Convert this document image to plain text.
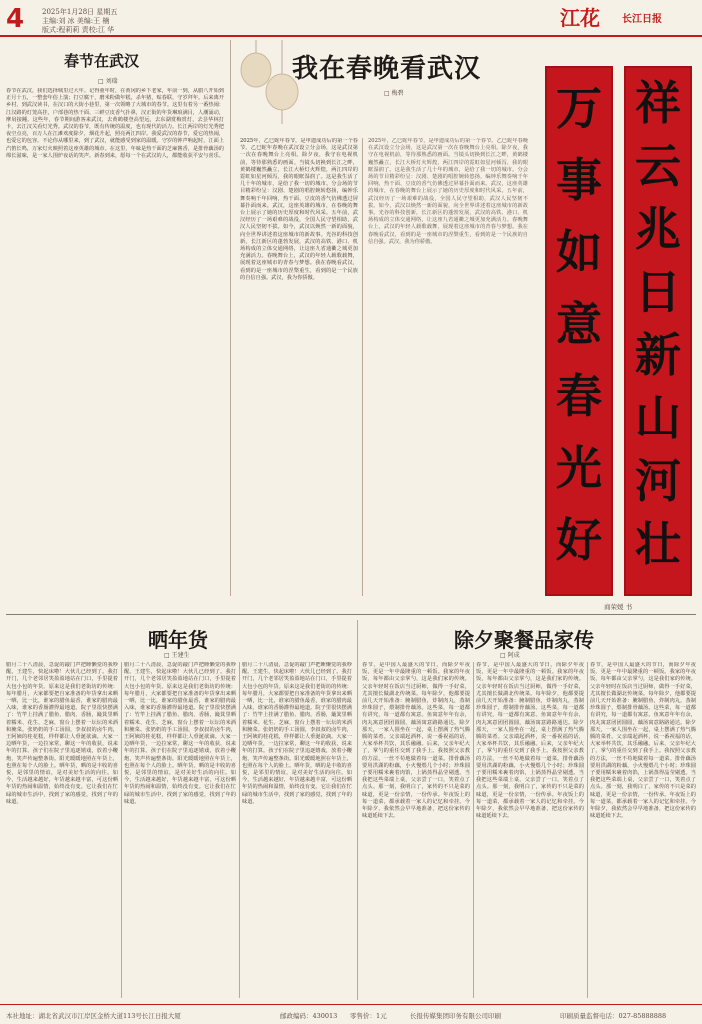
4	2025年1月28日 星期五
主编:刘 冰 美编:王 楠
版式:程莉莉 责校:江 华	江花 长江日报
春节在武汉
□ 刘瑞
春节在武汉，我们选择城里过大年。记得童年时，在黄冈的乡下老家，年前一到，从腊八开始到正月十五，一整套年俗上演；打豆腐干，磨米粉做年糕，杀年猪，贴春联，守岁拜年。后来离开乡村，到武汉读书，在汉口的大街小巷里，第一次领略了大城市的春节。这里有着另一番热闹：江汉路的灯笼高挂，户部巷的热干面、三鲜豆皮香气扑鼻，汉正街的年货琳琅满目，人潮涌动，摩肩接踵。这些年，春节期间游客来武汉，去黄鹤楼登高望远，去东湖赏梅赏灯，去昙华林打卡，去江汉关看灯光秀。武汉的春节，既有传统的温度，也有现代的活力。长江两岸的灯光秀把夜空点亮，百万人在江滩欢度除夕，烟花升起，照亮两江四岸。我爱武汉的春节，爱它的热闹，也爱它的包容。不论你从哪里来，到了武汉，就能感受到家的温暖。守岁的钟声响起时，江面上汽笛长鸣，万家灯火映照着这座英雄的城市。在这里，年味是热干面的芝麻酱香，是排骨藕汤的绵长滋味，是一家人围炉夜话的笑声。新春到来，愿每一个在武汉的人，都能收获平安与喜乐。
我在春晚看武汉
□ 梅碧
2025年，乙巳蛇年春节，是申遗成功后的第一个春节。乙巳蛇年春晚在武汉设立分会场，这是武汉第一次在春晚舞台上亮相。除夕夜，我守在电视机前，等待那熟悉的画面。当镜头切换到长江之畔，黄鹤楼巍然矗立，长江大桥灯火辉煌，两江四岸的霓虹如星河倾泻，我的眼眶湿润了。这是我生活了几十年的城市，是给了我一切的城市。分会场的节目精彩纷呈：汉剧、楚剧的唱腔婉转悠扬，编钟乐舞奏响千年回响，热干面、豆皮的香气仿佛透过屏幕扑面而来。武汉，这座英雄的城市，在春晚的舞台上展示了她的历史厚度和时代风采。五年前，武汉经历了一场艰难的战役，全国人民守望相助，武汉人民坚韧不拔。如今，武汉以焕然一新的面貌，向全世界讲述着这座城市的新故事。光谷的科技创新，长江新区的蓬勃发展，武汉的高铁、港口、机场构成的立体交通网络，让这座九省通衢之城更加充满活力。春晚舞台上，武汉的年轻人载歌载舞，展现着这座城市的青春与梦想。我在春晚看武汉，看到的是一座城市的涅槃重生，看到的是一个民族的自信自强。武汉，我为你骄傲。
2025年，乙巳蛇年春节，是申遗成功后的第一个春节。乙巳蛇年春晚在武汉设立分会场，这是武汉第一次在春晚舞台上亮相。除夕夜，我守在电视机前，等待那熟悉的画面。当镜头切换到长江之畔，黄鹤楼巍然矗立，长江大桥灯火辉煌，两江四岸的霓虹如星河倾泻，我的眼眶湿润了。这是我生活了几十年的城市，是给了我一切的城市。分会场的节目精彩纷呈：汉剧、楚剧的唱腔婉转悠扬，编钟乐舞奏响千年回响，热干面、豆皮的香气仿佛透过屏幕扑面而来。武汉，这座英雄的城市，在春晚的舞台上展示了她的历史厚度和时代风采。五年前，武汉经历了一场艰难的战役，全国人民守望相助，武汉人民坚韧不拔。如今，武汉以焕然一新的面貌，向全世界讲述着这座城市的新故事。光谷的科技创新，长江新区的蓬勃发展，武汉的高铁、港口、机场构成的立体交通网络，让这座九省通衢之城更加充满活力。春晚舞台上，武汉的年轻人载歌载舞，展现着这座城市的青春与梦想。我在春晚看武汉，看到的是一座城市的涅槃重生，看到的是一个民族的自信自强。武汉，我为你骄傲。
万
事
如
意
春
光
好
祥
云
兆
日
新
山
河
壮
商荣媛 书
晒年货
□ 王建生
腊月二十八清晨，急促的敲门声把睡懒觉的我吵醒。王建生，快起床啦！大伙儿已经到了。我打开门，几个老邻居笑盈盈地站在门口，手里提着大包小包的年货。原来这是我们老街坊的传统：每年腊月，大家都要把自家准备的年货拿出来晒一晒，比一比，谁家的腊鱼最香，谁家的腊肉最入味，谁家的香肠灌得最地道。院子里很快摆满了：竹竿上挂满了腊鱼、腊肉、香肠，簸箕里晒着糯米、花生、芝麻，窗台上摆着一坛坛的米酒和腌菜。张奶奶的手工汤圆，李叔叔的卤牛肉，王阿姨的桂花糕，样样都让人垂涎欲滴。大家一边晒年货，一边拉家常，聊这一年的收获，说来年的打算。孩子们在院子里追逐嬉戏，放着小鞭炮，笑声传遍整条街。阳光暖暖地照在年货上，也照在每个人的脸上。晒年货，晒的是丰收的喜悦，是邻里的情谊，是对美好生活的向往。如今，生活越来越好，年货越来越丰富，可这份晒年货的热闹和温情，始终没有变。它让我们在忙碌的城市生活中，找到了家的感觉，找到了年的味道。
腊月二十八清晨，急促的敲门声把睡懒觉的我吵醒。王建生，快起床啦！大伙儿已经到了。我打开门，几个老邻居笑盈盈地站在门口，手里提着大包小包的年货。原来这是我们老街坊的传统：每年腊月，大家都要把自家准备的年货拿出来晒一晒，比一比，谁家的腊鱼最香，谁家的腊肉最入味，谁家的香肠灌得最地道。院子里很快摆满了：竹竿上挂满了腊鱼、腊肉、香肠，簸箕里晒着糯米、花生、芝麻，窗台上摆着一坛坛的米酒和腌菜。张奶奶的手工汤圆，李叔叔的卤牛肉，王阿姨的桂花糕，样样都让人垂涎欲滴。大家一边晒年货，一边拉家常，聊这一年的收获，说来年的打算。孩子们在院子里追逐嬉戏，放着小鞭炮，笑声传遍整条街。阳光暖暖地照在年货上，也照在每个人的脸上。晒年货，晒的是丰收的喜悦，是邻里的情谊，是对美好生活的向往。如今，生活越来越好，年货越来越丰富，可这份晒年货的热闹和温情，始终没有变。它让我们在忙碌的城市生活中，找到了家的感觉，找到了年的味道。
腊月二十八清晨，急促的敲门声把睡懒觉的我吵醒。王建生，快起床啦！大伙儿已经到了。我打开门，几个老邻居笑盈盈地站在门口，手里提着大包小包的年货。原来这是我们老街坊的传统：每年腊月，大家都要把自家准备的年货拿出来晒一晒，比一比，谁家的腊鱼最香，谁家的腊肉最入味，谁家的香肠灌得最地道。院子里很快摆满了：竹竿上挂满了腊鱼、腊肉、香肠，簸箕里晒着糯米、花生、芝麻，窗台上摆着一坛坛的米酒和腌菜。张奶奶的手工汤圆，李叔叔的卤牛肉，王阿姨的桂花糕，样样都让人垂涎欲滴。大家一边晒年货，一边拉家常，聊这一年的收获，说来年的打算。孩子们在院子里追逐嬉戏，放着小鞭炮，笑声传遍整条街。阳光暖暖地照在年货上，也照在每个人的脸上。晒年货，晒的是丰收的喜悦，是邻里的情谊，是对美好生活的向往。如今，生活越来越好，年货越来越丰富，可这份晒年货的热闹和温情，始终没有变。它让我们在忙碌的城市生活中，找到了家的感觉，找到了年的味道。
除夕聚餐品家传
□ 阿成
春节，是中国人最盛大的节日，而除夕年夜饭，更是一年中最隆重的一顿饭。我家的年夜饭，每年都由父亲掌勺，这是我们家的传统。父亲年轻时在饭店当过厨师，做得一手好菜，尤其擅长做湖北传统菜。每年除夕，他都要提前几天开始准备：腌制腊鱼，炸制肉丸，蒸制珍珠圆子，煨制排骨藕汤。这些菜，每一道都有讲究，每一道都有寓意。鱼寓意年年有余，肉丸寓意团团圆圆，藕汤寓意路路通达。除夕那天，一家人围坐在一起，桌上摆满了热气腾腾的菜肴。父亲端起酒杯，说一番祝福的话，大家举杯共饮，其乐融融。后来，父亲年纪大了，掌勺的重任交到了我手上。我按照父亲教的方法，一丝不苟地做着每一道菜。排骨藕汤要用洪湖的粉藕，小火慢煨几个小时；珍珠圆子要用糯米裹着肉馅，上锅蒸得晶莹剔透。当我把这些菜端上桌，父亲尝了一口，笑着点了点头。那一刻，我明白了，家传的不只是菜的味道，更是一份亲情，一份传承。年夜饭上的每一道菜，都承载着一家人的记忆和牵挂。今年除夕，我依然会早早地准备，把这份家传的味道延续下去。
春节，是中国人最盛大的节日，而除夕年夜饭，更是一年中最隆重的一顿饭。我家的年夜饭，每年都由父亲掌勺，这是我们家的传统。父亲年轻时在饭店当过厨师，做得一手好菜，尤其擅长做湖北传统菜。每年除夕，他都要提前几天开始准备：腌制腊鱼，炸制肉丸，蒸制珍珠圆子，煨制排骨藕汤。这些菜，每一道都有讲究，每一道都有寓意。鱼寓意年年有余，肉丸寓意团团圆圆，藕汤寓意路路通达。除夕那天，一家人围坐在一起，桌上摆满了热气腾腾的菜肴。父亲端起酒杯，说一番祝福的话，大家举杯共饮，其乐融融。后来，父亲年纪大了，掌勺的重任交到了我手上。我按照父亲教的方法，一丝不苟地做着每一道菜。排骨藕汤要用洪湖的粉藕，小火慢煨几个小时；珍珠圆子要用糯米裹着肉馅，上锅蒸得晶莹剔透。当我把这些菜端上桌，父亲尝了一口，笑着点了点头。那一刻，我明白了，家传的不只是菜的味道，更是一份亲情，一份传承。年夜饭上的每一道菜，都承载着一家人的记忆和牵挂。今年除夕，我依然会早早地准备，把这份家传的味道延续下去。
春节，是中国人最盛大的节日，而除夕年夜饭，更是一年中最隆重的一顿饭。我家的年夜饭，每年都由父亲掌勺，这是我们家的传统。父亲年轻时在饭店当过厨师，做得一手好菜，尤其擅长做湖北传统菜。每年除夕，他都要提前几天开始准备：腌制腊鱼，炸制肉丸，蒸制珍珠圆子，煨制排骨藕汤。这些菜，每一道都有讲究，每一道都有寓意。鱼寓意年年有余，肉丸寓意团团圆圆，藕汤寓意路路通达。除夕那天，一家人围坐在一起，桌上摆满了热气腾腾的菜肴。父亲端起酒杯，说一番祝福的话，大家举杯共饮，其乐融融。后来，父亲年纪大了，掌勺的重任交到了我手上。我按照父亲教的方法，一丝不苟地做着每一道菜。排骨藕汤要用洪湖的粉藕，小火慢煨几个小时；珍珠圆子要用糯米裹着肉馅，上锅蒸得晶莹剔透。当我把这些菜端上桌，父亲尝了一口，笑着点了点头。那一刻，我明白了，家传的不只是菜的味道，更是一份亲情，一份传承。年夜饭上的每一道菜，都承载着一家人的记忆和牵挂。今年除夕，我依然会早早地准备，把这份家传的味道延续下去。
本社地址：湖北省武汉市江岸区金桥大道113号长江日报大厦	邮政编码：430013 零售价：1元	长报传媒集团印务有限公司印刷	印刷质量监督电话：027-85888888
